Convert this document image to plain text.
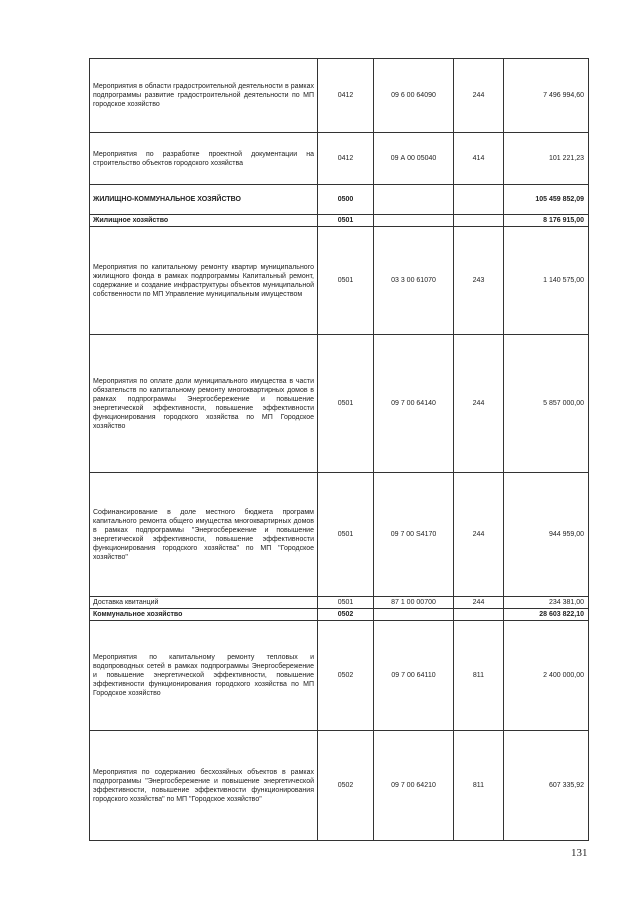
Мероприятия в области градостроительной деятельности в рамках подпрограммы развитие градостроительной деятельности по МП городское хозяйство	0412	09 6 00 64090	244	7 496 994,60
Мероприятия по разработке проектной документации на строительство объектов городского хозяйства	0412	09 А 00 05040	414	101 221,23
ЖИЛИЩНО-КОММУНАЛЬНОЕ ХОЗЯЙСТВО	0500			105 459 852,09
Жилищное хозяйство	0501			8 176 915,00
Мероприятия по капитальному ремонту квартир муниципального жилищного фонда в рамках подпрограммы Капитальный ремонт, содержание и создание инфраструктуры объектов муниципальной собственности по МП Управление муниципальным имуществом	0501	03 3 00 61070	243	1 140 575,00
Мероприятия по оплате доли муниципального имущества в части обязательств по капитальному ремонту многоквартирных домов в рамках подпрограммы Энергосбережение и повышение энергетической эффективности, повышение эффективности функционирования городского хозяйства по МП Городское хозяйство	0501	09 7 00 64140	244	5 857 000,00
Софинансирование в доле местного бюджета программ капитального ремонта общего имущества многоквартирных домов в рамках подпрограммы "Энергосбережение и повышение энергетической эффективности, повышение эффективности функционирования городского хозяйства" по МП "Городское хозяйство"	0501	09 7 00 S4170	244	944 959,00
Доставка квитанций	0501	87 1 00 00700	244	234 381,00
Коммунальное хозяйство	0502			28 603 822,10
Мероприятия по капитальному ремонту тепловых и водопроводных сетей в рамках подпрограммы Энергосбережение и повышение энергетической эффективности, повышение эффективности функционирования городского хозяйства по МП Городское хозяйство	0502	09 7 00 64110	811	2 400 000,00
Мероприятия по содержанию бесхозяйных объектов в рамках подпрограммы "Энергосбережение и повышение энергетической эффективности, повышение эффективности функционирования городского хозяйства" по МП "Городское хозяйство"	0502	09 7 00 64210	811	607 335,92
131
